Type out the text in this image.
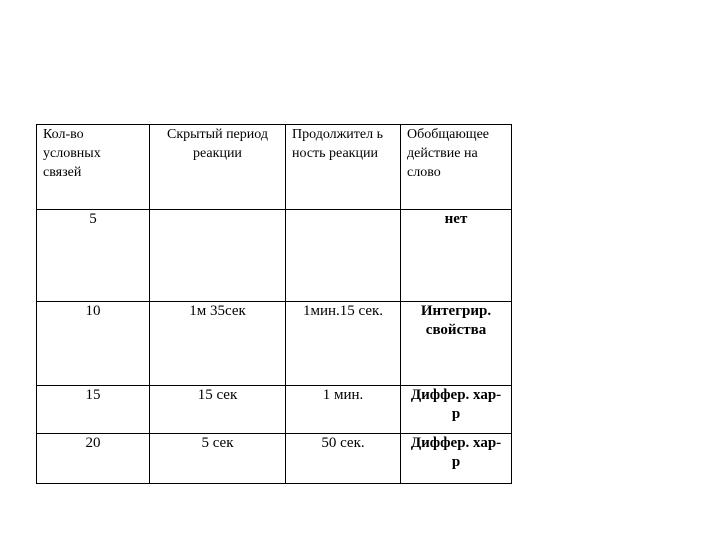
Кол-во условных связей	Скрытый период реакции	Продолжител ьность реакции	Обобщающее действие на слово
5			нет
10	1м 35сек	1мин.15 сек.	Интегрир. свойства
15	15 сек	1 мин.	Диффер. хар-р
20	5 сек	50 сек.	Диффер. хар-р
